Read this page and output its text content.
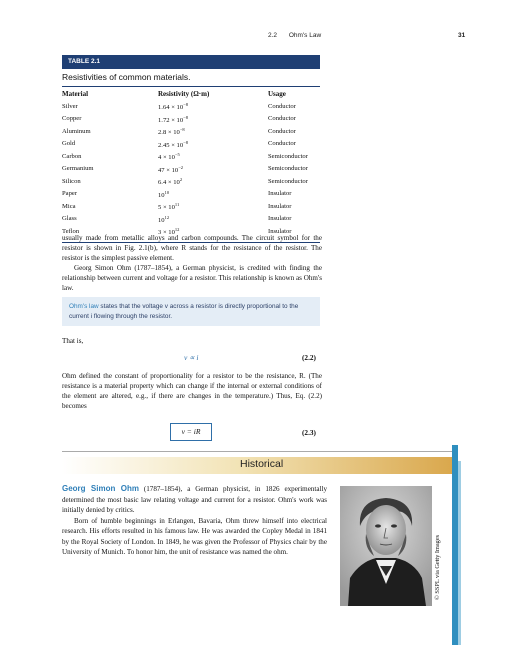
2.2 Ohm's Law	31
TABLE 2.1
Resistivities of common materials.
Material	Resistivity (Ω·m)	Usage
Silver	$1.64 \times 10^{-8}$	Conductor
Copper	$1.72 \times 10^{-8}$	Conductor
Aluminum	$2.8 \times 10^{-8}$	Conductor
Gold	$2.45 \times 10^{-8}$	Conductor
Carbon	$4 \times 10^{-5}$	Semiconductor
Germanium	$47 \times 10^{-2}$	Semiconductor
Silicon	$6.4 \times 10^2$	Semiconductor
Paper	$10^{10}$	Insulator
Mica	$5 \times 10^{11}$	Insulator
Glass	$10^{12}$	Insulator
Teflon	$3 \times 10^{12}$	Insulator
usually made from metallic alloys and carbon compounds. The circuit symbol for the resistor is shown in Fig. 2.1(b), where R stands for the resistance of the resistor. The resistor is the simplest passive element.
Georg Simon Ohm (1787–1854), a German physicist, is credited with finding the relationship between current and voltage for a resistor. This relationship is known as Ohm's law.
Ohm's law states that the voltage v across a resistor is directly proportional to the current i flowing through the resistor.
That is,
v ∝ i	(2.2)
Ohm defined the constant of proportionality for a resistor to be the resistance, R. (The resistance is a material property which can change if the internal or external conditions of the element are altered, e.g., if there are changes in the temperature.) Thus, Eq. (2.2) becomes
v = iR	(2.3)
Historical
Georg Simon Ohm (1787–1854), a German physicist, in 1826 experimentally determined the most basic law relating voltage and current for a resistor. Ohm's work was initially denied by critics.
Born of humble beginnings in Erlangen, Bavaria, Ohm threw himself into electrical research. His efforts resulted in his famous law. He was awarded the Copley Medal in 1841 by the Royal Society of London. In 1849, he was given the Professor of Physics chair by the University of Munich. To honor him, the unit of resistance was named the ohm.	© SSPL via Getty Images
